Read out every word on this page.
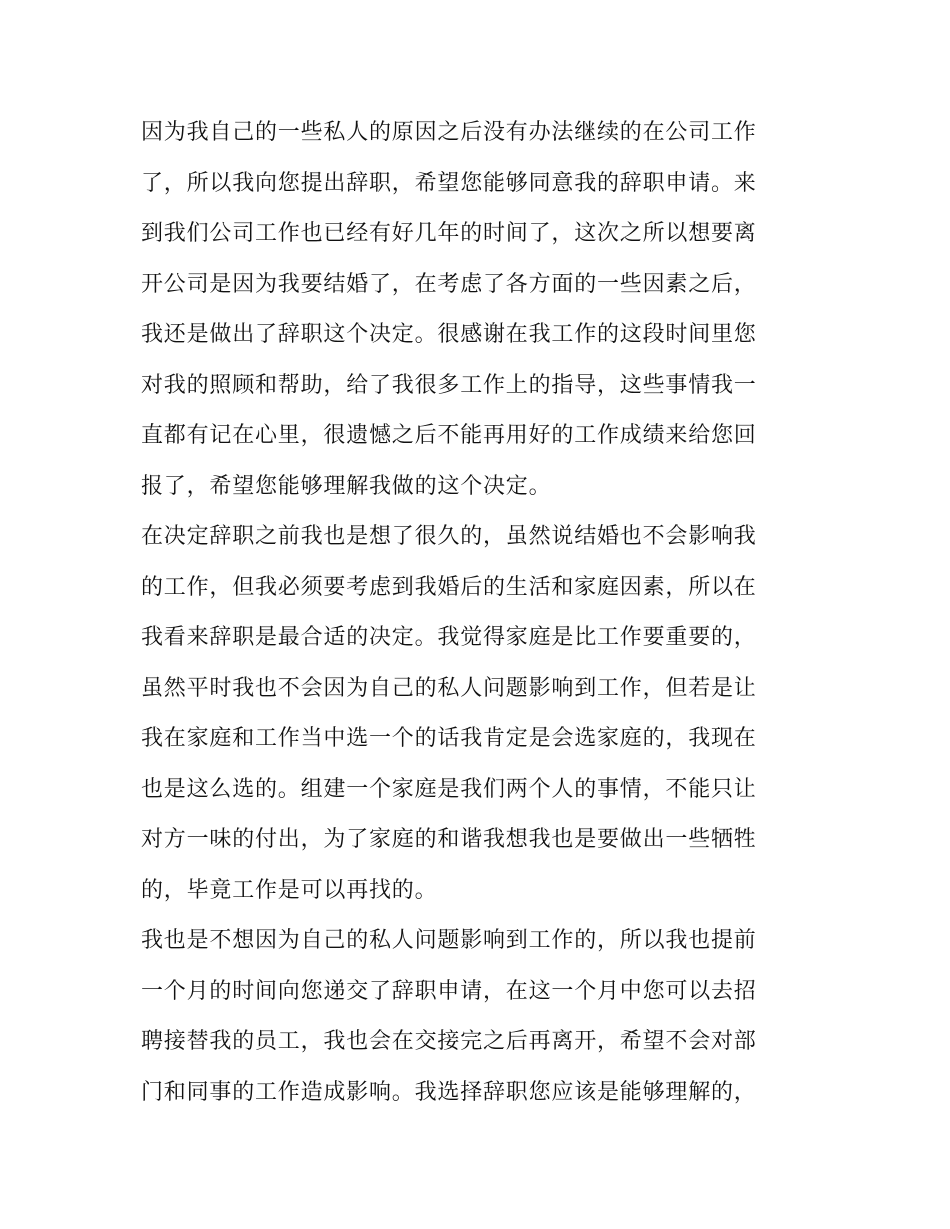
因为我自己的一些私人的原因之后没有办法继续的在公司工作
了，所以我向您提出辞职，希望您能够同意我的辞职申请。来
到我们公司工作也已经有好几年的时间了，这次之所以想要离
开公司是因为我要结婚了，在考虑了各方面的一些因素之后，
我还是做出了辞职这个决定。很感谢在我工作的这段时间里您
对我的照顾和帮助，给了我很多工作上的指导，这些事情我一
直都有记在心里，很遗憾之后不能再用好的工作成绩来给您回
报了，希望您能够理解我做的这个决定。
在决定辞职之前我也是想了很久的，虽然说结婚也不会影响我
的工作，但我必须要考虑到我婚后的生活和家庭因素，所以在
我看来辞职是最合适的决定。我觉得家庭是比工作要重要的，
虽然平时我也不会因为自己的私人问题影响到工作，但若是让
我在家庭和工作当中选一个的话我肯定是会选家庭的，我现在
也是这么选的。组建一个家庭是我们两个人的事情，不能只让
对方一味的付出，为了家庭的和谐我想我也是要做出一些牺牲
的，毕竟工作是可以再找的。
我也是不想因为自己的私人问题影响到工作的，所以我也提前
一个月的时间向您递交了辞职申请，在这一个月中您可以去招
聘接替我的员工，我也会在交接完之后再离开，希望不会对部
门和同事的工作造成影响。我选择辞职您应该是能够理解的，
